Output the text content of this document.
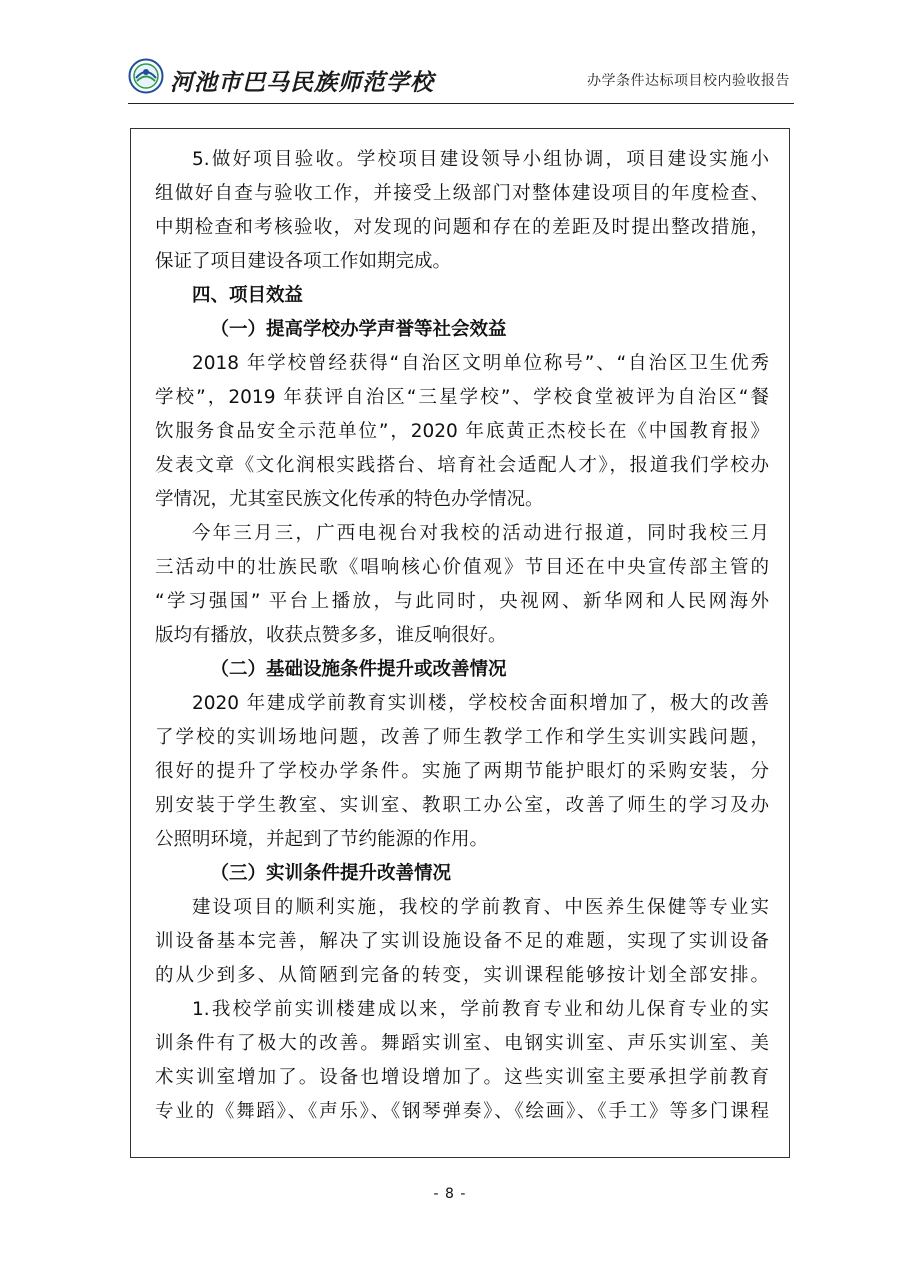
河池市巴马民族师范学校	办学条件达标项目校内验收报告
5.做好项目验收。学校项目建设领导小组协调，项目建设实施小
组做好自查与验收工作，并接受上级部门对整体建设项目的年度检查、
中期检查和考核验收，对发现的问题和存在的差距及时提出整改措施，
保证了项目建设各项工作如期完成。
四、项目效益
（一）提高学校办学声誉等社会效益
2018 年学校曾经获得“自治区文明单位称号”、“自治区卫生优秀
学校”，2019 年获评自治区“三星学校”、学校食堂被评为自治区“餐
饮服务食品安全示范单位”，2020 年底黄正杰校长在《中国教育报》
发表文章《文化润根实践搭台、培育社会适配人才》，报道我们学校办
学情况，尤其室民族文化传承的特色办学情况。
今年三月三，广西电视台对我校的活动进行报道，同时我校三月
三活动中的壮族民歌《唱响核心价值观》节目还在中央宣传部主管的
“学习强国” 平台上播放，与此同时，央视网、新华网和人民网海外
版均有播放，收获点赞多多，谁反响很好。
（二）基础设施条件提升或改善情况
2020 年建成学前教育实训楼，学校校舍面积增加了，极大的改善
了学校的实训场地问题，改善了师生教学工作和学生实训实践问题，
很好的提升了学校办学条件。实施了两期节能护眼灯的采购安装，分
别安装于学生教室、实训室、教职工办公室，改善了师生的学习及办
公照明环境，并起到了节约能源的作用。
（三）实训条件提升改善情况
建设项目的顺利实施，我校的学前教育、中医养生保健等专业实
训设备基本完善，解决了实训设施设备不足的难题，实现了实训设备
的从少到多、从简陋到完备的转变，实训课程能够按计划全部安排。
1.我校学前实训楼建成以来，学前教育专业和幼儿保育专业的实
训条件有了极大的改善。舞蹈实训室、电钢实训室、声乐实训室、美
术实训室增加了。设备也增设增加了。这些实训室主要承担学前教育
专业的《舞蹈》、《声乐》、《钢琴弹奏》、《绘画》、《手工》等多门课程
- 8 -
